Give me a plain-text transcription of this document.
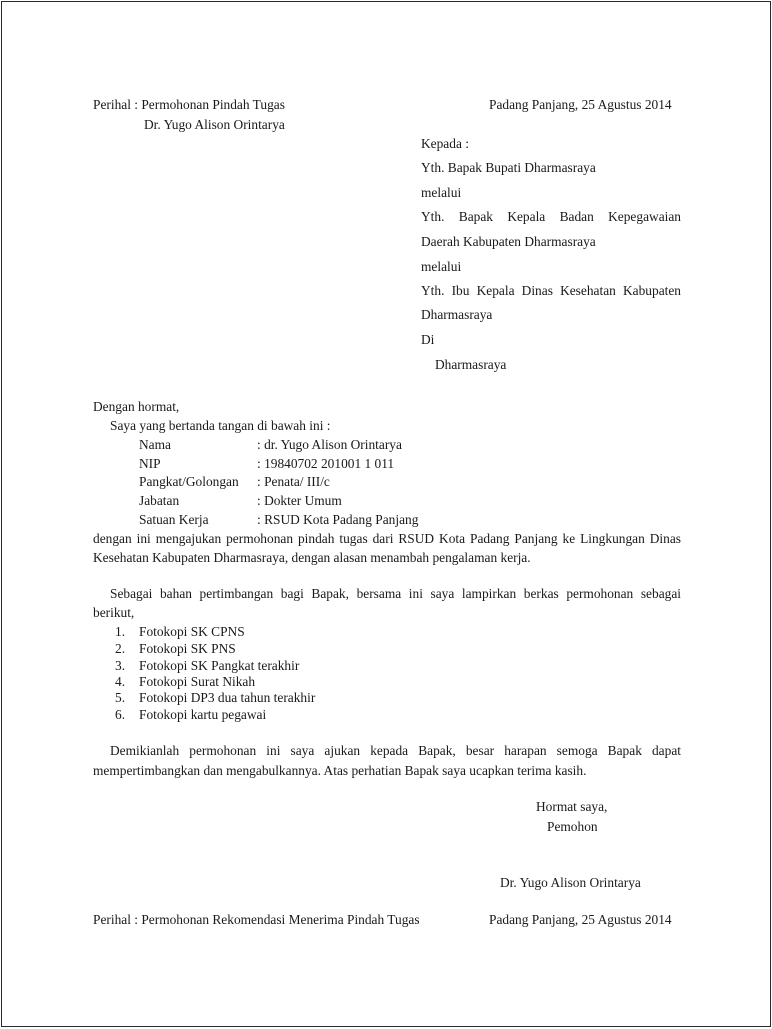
Perihal : Permohonan Pindah Tugas
Dr. Yugo Alison Orintarya
Padang Panjang, 25 Agustus 2014
Kepada :
Yth. Bapak Bupati Dharmasraya
melalui
Yth. Bapak Kepala Badan Kepegawaian
Daerah Kabupaten Dharmasraya
melalui
Yth. Ibu Kepala Dinas Kesehatan Kabupaten
Dharmasraya
Di
Dharmasraya
Dengan hormat,
Saya yang bertanda tangan di bawah ini :
Nama	: dr. Yugo Alison Orintarya
NIP	: 19840702 201001 1 011
Pangkat/Golongan : Penata/ III/c
Jabatan	: Dokter Umum
Satuan Kerja	: RSUD Kota Padang Panjang
dengan ini mengajukan permohonan pindah tugas dari RSUD Kota Padang Panjang ke Lingkungan Dinas
Kesehatan Kabupaten Dharmasraya, dengan alasan menambah pengalaman kerja.
Sebagai bahan pertimbangan bagi Bapak, bersama ini saya lampirkan berkas permohonan sebagai
berikut,
1. Fotokopi SK CPNS
2. Fotokopi SK PNS
3. Fotokopi SK Pangkat terakhir
4. Fotokopi Surat Nikah
5. Fotokopi DP3 dua tahun terakhir
6. Fotokopi kartu pegawai
Demikianlah permohonan ini saya ajukan kepada Bapak, besar harapan semoga Bapak dapat
mempertimbangkan dan mengabulkannya. Atas perhatian Bapak saya ucapkan terima kasih.
Hormat saya,
Pemohon
Dr. Yugo Alison Orintarya
Perihal : Permohonan Rekomendasi Menerima Pindah Tugas	Padang Panjang, 25 Agustus 2014
